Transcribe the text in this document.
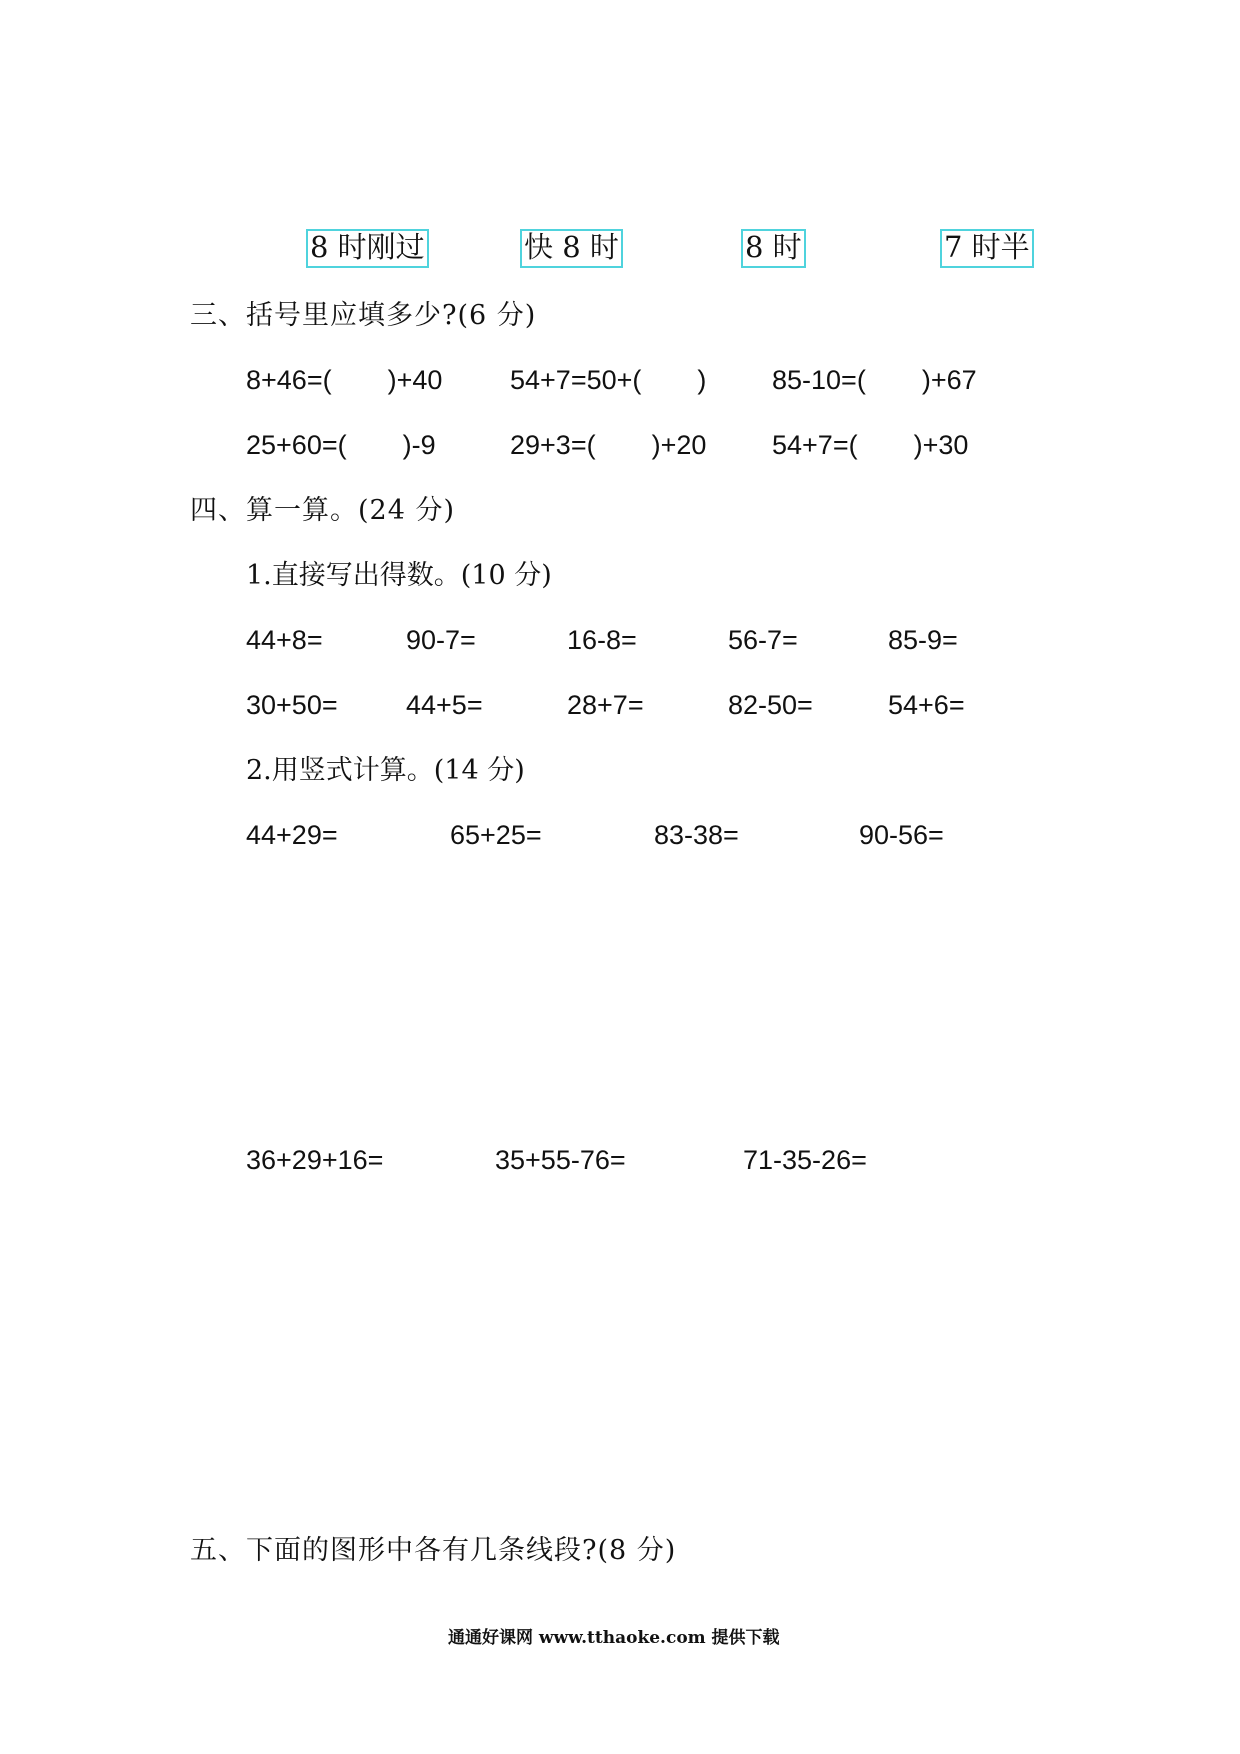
8 时刚过	快 8 时	8 时	7 时半
三、括号里应填多少?(6 分)
8+46=( )+40	54+7=50+( ) 85-10=( )+67
25+60=( )-9	29+3=( )+20 54+7=( )+30
四、算一算。(24 分)
1.直接写出得数。(10 分)
44+8=	90-7=	16-8=	56-7=	85-9=
30+50=	44+5=	28+7=	82-50=	54+6=
2.用竖式计算。(14 分)
44+29=	65+25=	83-38=	90-56=
36+29+16=	35+55-76=	71-35-26=
五、下面的图形中各有几条线段?(8 分)
通通好课网 www.tthaoke.com 提供下载
